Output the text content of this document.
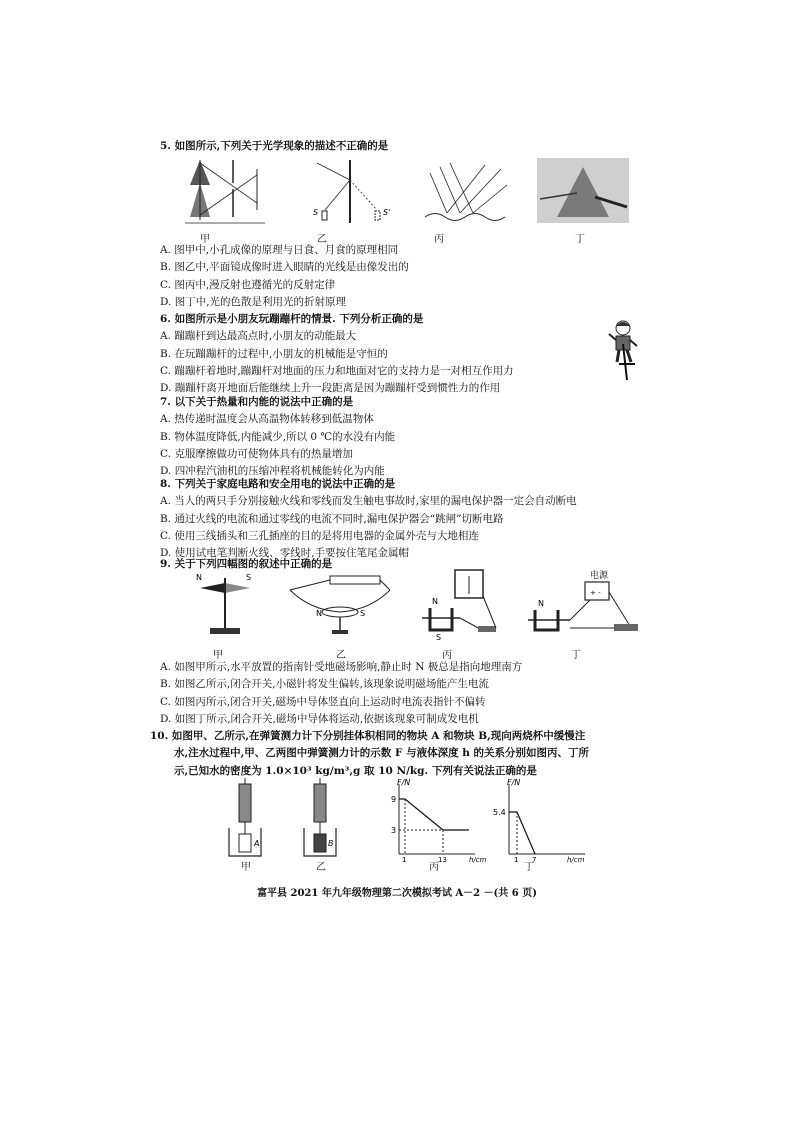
5. 如图所示,下列关于光学现象的描述不正确的是
S	S'
甲	乙	丙	丁
A. 图甲中,小孔成像的原理与日食、月食的原理相同
B. 图乙中,平面镜成像时进入眼睛的光线是由像发出的
C. 图丙中,漫反射也遵循光的反射定律
D. 图丁中,光的色散是利用光的折射原理
6. 如图所示是小朋友玩蹦蹦杆的情景. 下列分析正确的是
A. 蹦蹦杆到达最高点时,小朋友的动能最大
B. 在玩蹦蹦杆的过程中,小朋友的机械能是守恒的
C. 蹦蹦杆着地时,蹦蹦杆对地面的压力和地面对它的支持力是一对相互作用力
D. 蹦蹦杆离开地面后能继续上升一段距离是因为蹦蹦杆受到惯性力的作用
7. 以下关于热量和内能的说法中正确的是
A. 热传递时温度会从高温物体转移到低温物体
B. 物体温度降低,内能减少,所以 0 ℃的水没有内能
C. 克服摩擦做功可使物体具有的热量增加
D. 四冲程汽油机的压缩冲程将机械能转化为内能
8. 下列关于家庭电路和安全用电的说法中正确的是
A. 当人的两只手分别接触火线和零线而发生触电事故时,家里的漏电保护器一定会自动断电
B. 通过火线的电流和通过零线的电流不同时,漏电保护器会“跳闸”切断电路
C. 使用三线插头和三孔插座的目的是将用电器的金属外壳与大地相连
D. 使用试电笔判断火线、零线时,手要按住笔尾金属帽
9. 关于下列四幅图的叙述中正确的是
N	S
N	S
N
S
+ -
N
电源
甲	乙	丙	丁
A. 如图甲所示,水平放置的指南针受地磁场影响,静止时 N 极总是指向地理南方
B. 如图乙所示,闭合开关,小磁针将发生偏转,该现象说明磁场能产生电流
C. 如图丙所示,闭合开关,磁场中导体竖直向上运动时电流表指针不偏转
D. 如图丁所示,闭合开关,磁场中导体将运动,依据该现象可制成发电机
10. 如图甲、乙所示,在弹簧测力计下分别挂体积相同的物块 A 和物块 B,现向两烧杯中缓慢注
水,注水过程中,甲、乙两图中弹簧测力计的示数 F 与液体深度 h 的关系分别如图丙、丁所
示,已知水的密度为 1.0×10³ kg/m³,g 取 10 N/kg. 下列有关说法正确的是
A	B
F/N
9
3
1	13	h/cm
F/N
5.4
1 7	h/cm
甲	乙	丙	丁
富平县 2021 年九年级物理第二次模拟考试 A－2 －(共 6 页)
